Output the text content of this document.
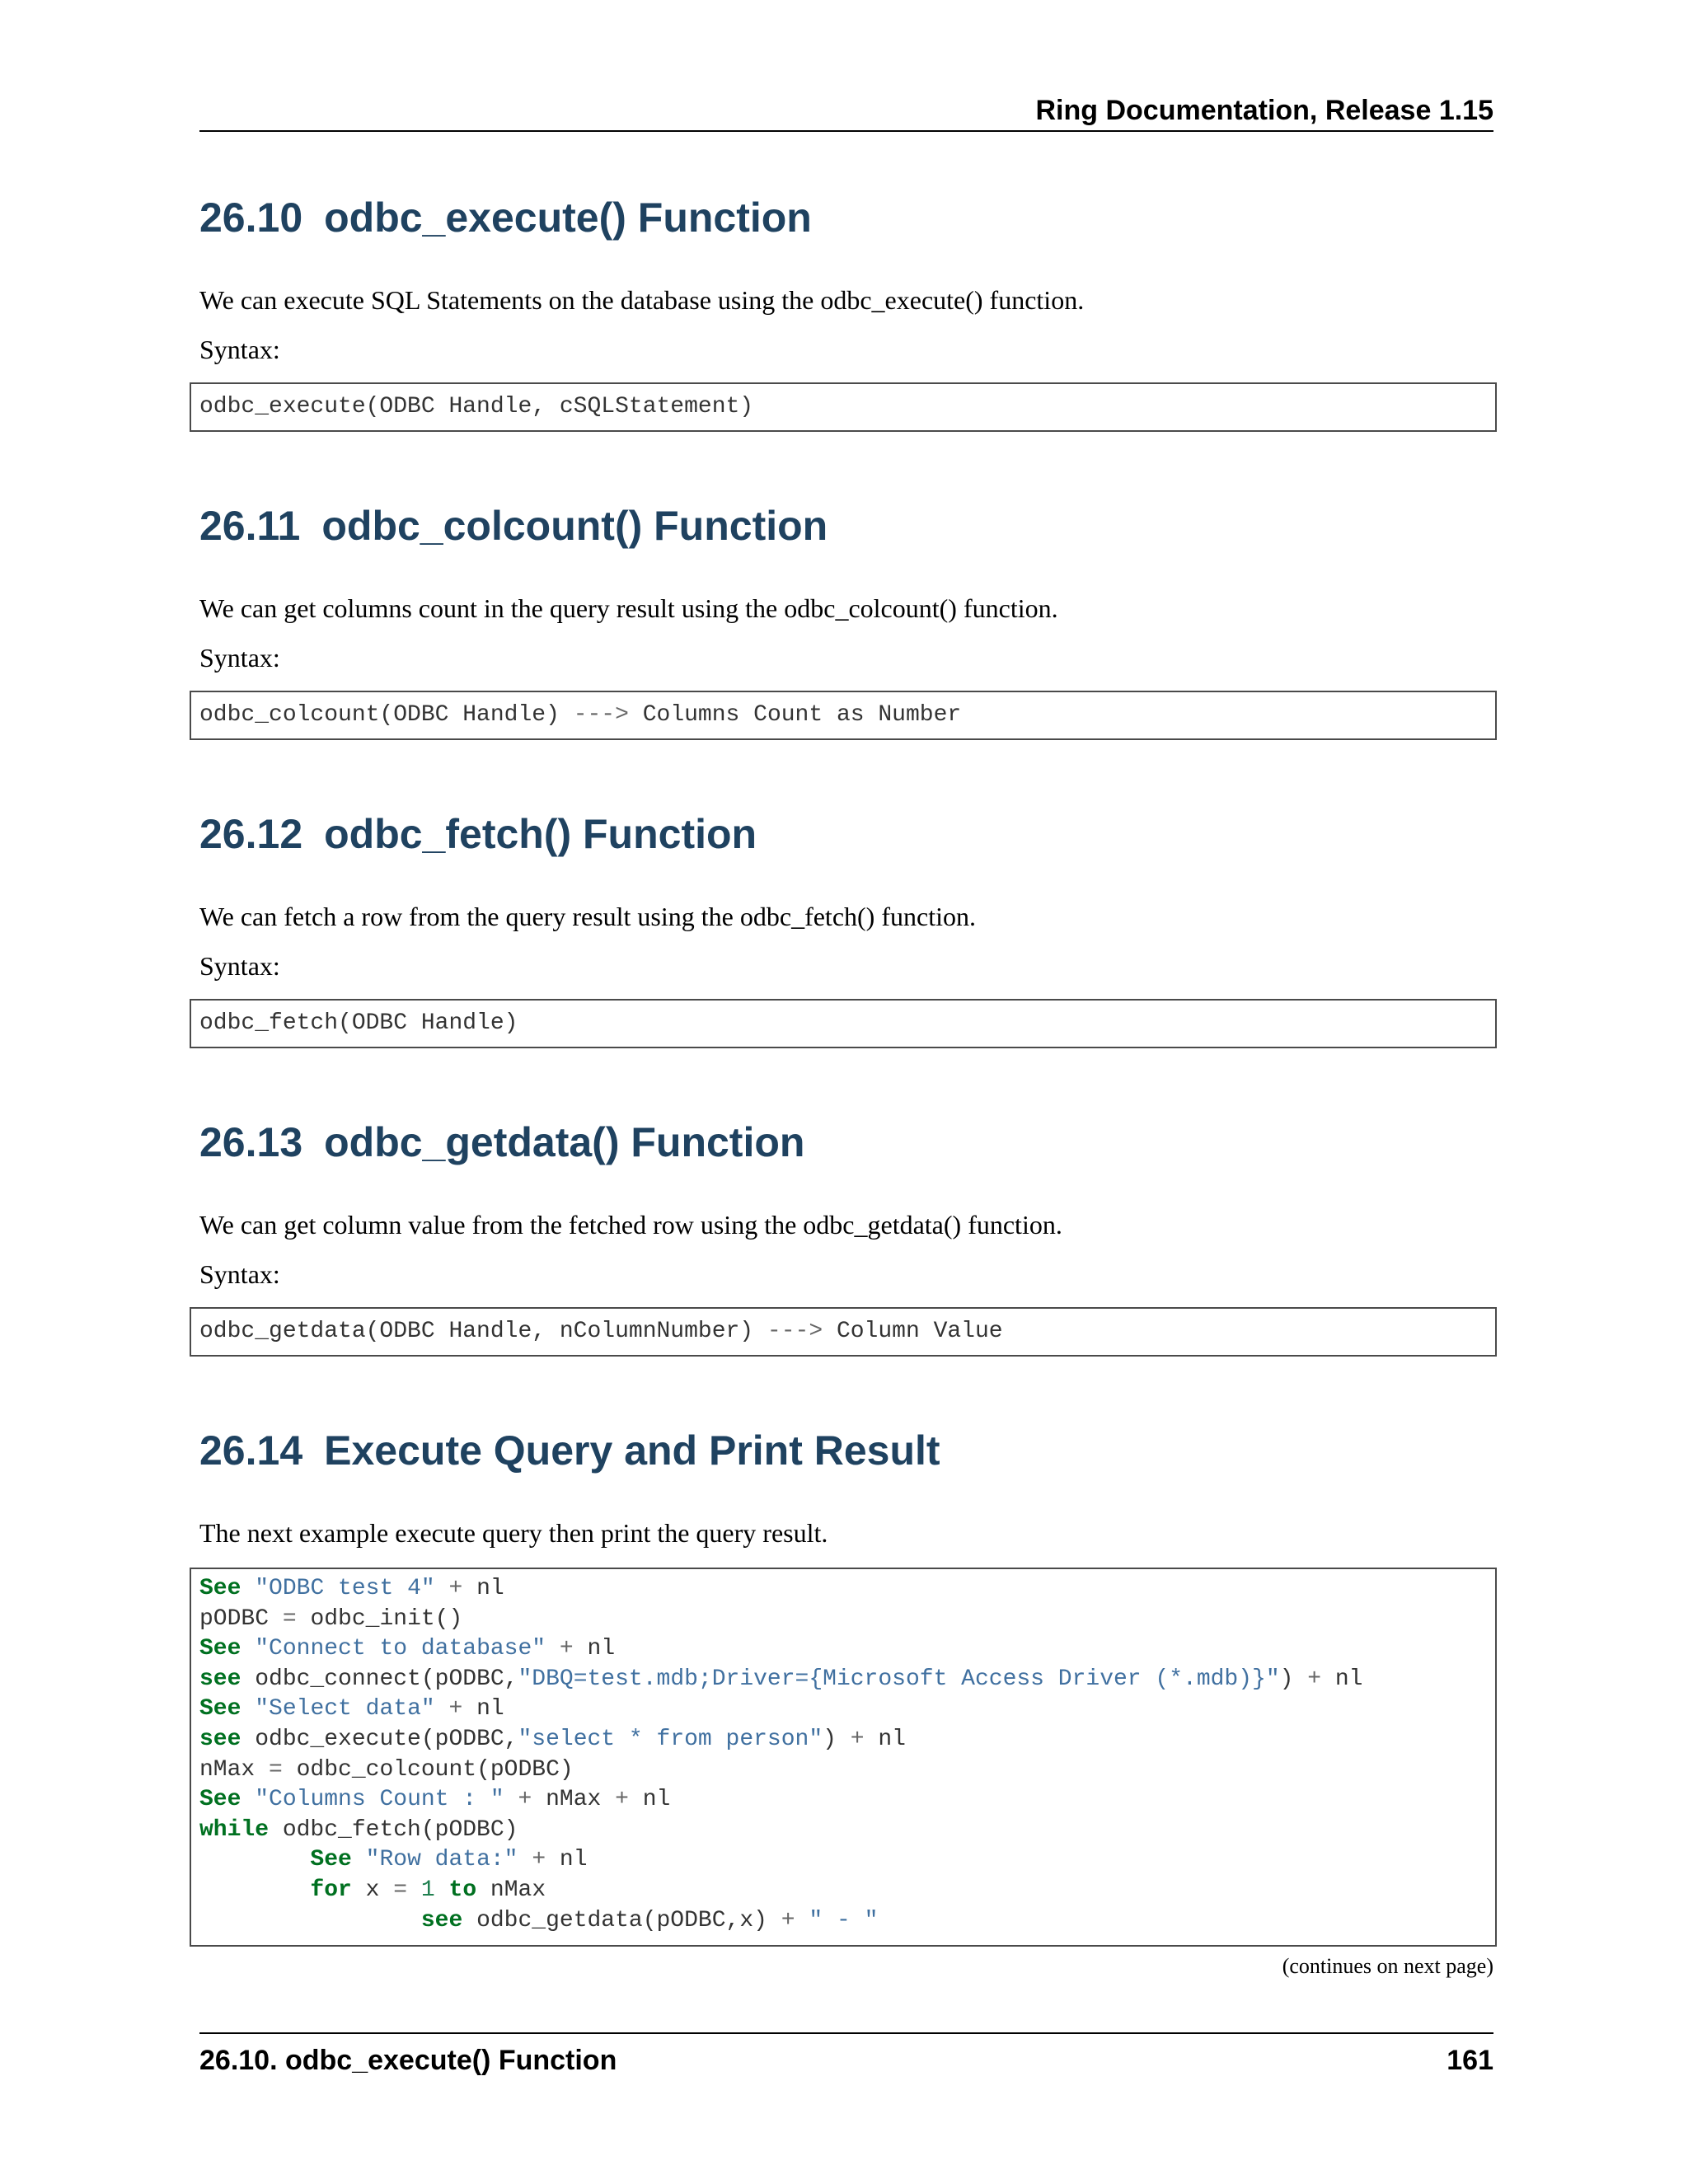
Ring Documentation, Release 1.15
26.10 odbc_execute() Function

We can execute SQL Statements on the database using the odbc_execute() function.

Syntax:

odbc_execute(ODBC Handle, cSQLStatement)
26.11 odbc_colcount() Function

We can get columns count in the query result using the odbc_colcount() function.

Syntax:

odbc_colcount(ODBC Handle) ---> Columns Count as Number
26.12 odbc_fetch() Function

We can fetch a row from the query result using the odbc_fetch() function.

Syntax:

odbc_fetch(ODBC Handle)
26.13 odbc_getdata() Function

We can get column value from the fetched row using the odbc_getdata() function.

Syntax:

odbc_getdata(ODBC Handle, nColumnNumber) ---> Column Value
26.14 Execute Query and Print Result

The next example execute query then print the query result.

See "ODBC test 4" + nl
pODBC = odbc_init()
See "Connect to database" + nl
see odbc_connect(pODBC,"DBQ=test.mdb;Driver={Microsoft Access Driver (*.mdb)}") + nl
See "Select data" + nl
see odbc_execute(pODBC,"select * from person") + nl
nMax = odbc_colcount(pODBC)
See "Columns Count : " + nMax + nl
while odbc_fetch(pODBC)
See "Row data:" + nl
for x = 1 to nMax
see odbc_getdata(pODBC,x) + " - "
(continues on next page)
26.10. odbc_execute() Function	161
